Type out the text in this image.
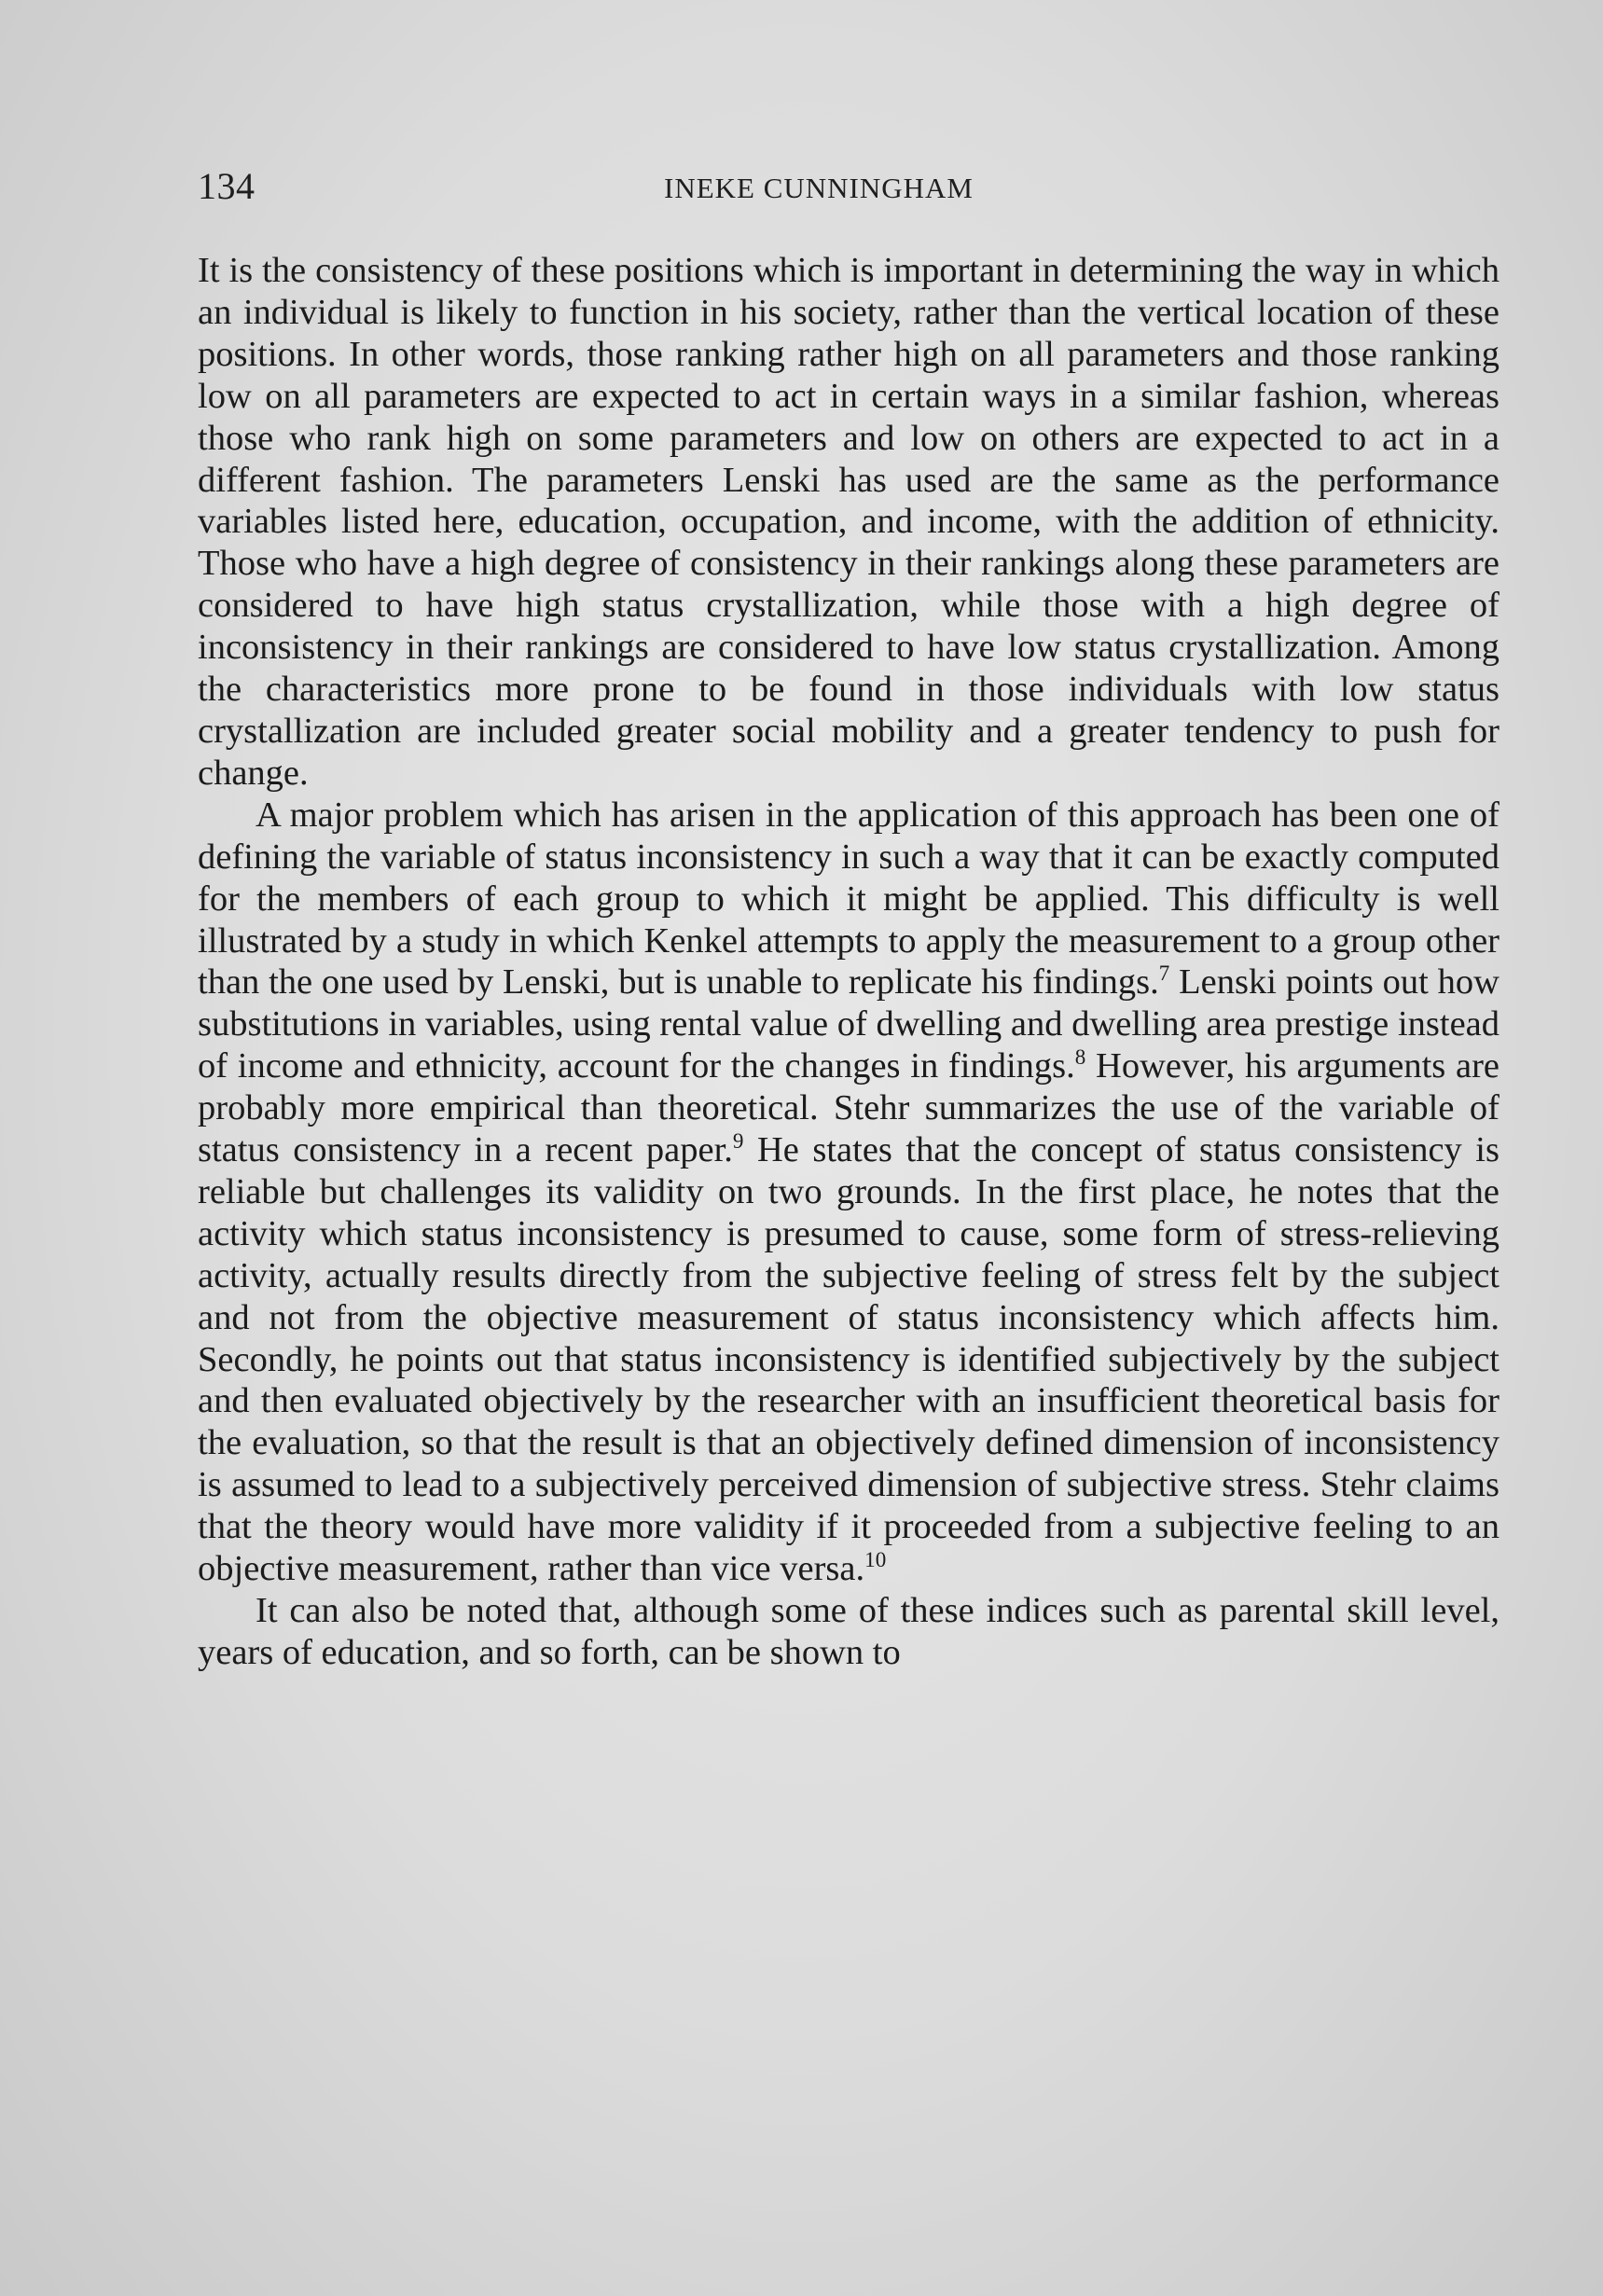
134	INEKE CUNNINGHAM

It is the consistency of these positions which is important in determining the way in which an individual is likely to function in his society, rather than the vertical location of these positions. In other words, those ranking rather high on all parameters and those ranking low on all parameters are expected to act in certain ways in a similar fashion, whereas those who rank high on some parameters and low on others are expected to act in a different fashion. The parameters Lenski has used are the same as the performance variables listed here, education, occupation, and income, with the addition of ethnicity. Those who have a high degree of consistency in their rankings along these parameters are considered to have high status crystallization, while those with a high degree of inconsistency in their rankings are considered to have low status crystallization. Among the characteristics more prone to be found in those individuals with low status crystallization are included greater social mobility and a greater tendency to push for change.

A major problem which has arisen in the application of this approach has been one of defining the variable of status inconsistency in such a way that it can be exactly computed for the members of each group to which it might be applied. This difficulty is well illustrated by a study in which Kenkel attempts to apply the measurement to a group other than the one used by Lenski, but is unable to replicate his findings.$^7$ Lenski points out how substitutions in variables, using rental value of dwelling and dwelling area prestige instead of income and ethnicity, account for the changes in findings.$^8$ However, his arguments are probably more empirical than theoretical. Stehr summarizes the use of the variable of status consistency in a recent paper.$^9$ He states that the concept of status consistency is reliable but challenges its validity on two grounds. In the first place, he notes that the activity which status inconsistency is presumed to cause, some form of stress-relieving activity, actually results directly from the subjective feeling of stress felt by the subject and not from the objective measurement of status inconsistency which affects him. Secondly, he points out that status inconsistency is identified subjectively by the subject and then evaluated objectively by the researcher with an insufficient theoretical basis for the evaluation, so that the result is that an objectively defined dimension of inconsistency is assumed to lead to a subjectively perceived dimension of subjective stress. Stehr claims that the theory would have more validity if it proceeded from a subjective feeling to an objective measurement, rather than vice versa.$^{10}$

It can also be noted that, although some of these indices such as parental skill level, years of education, and so forth, can be shown to
